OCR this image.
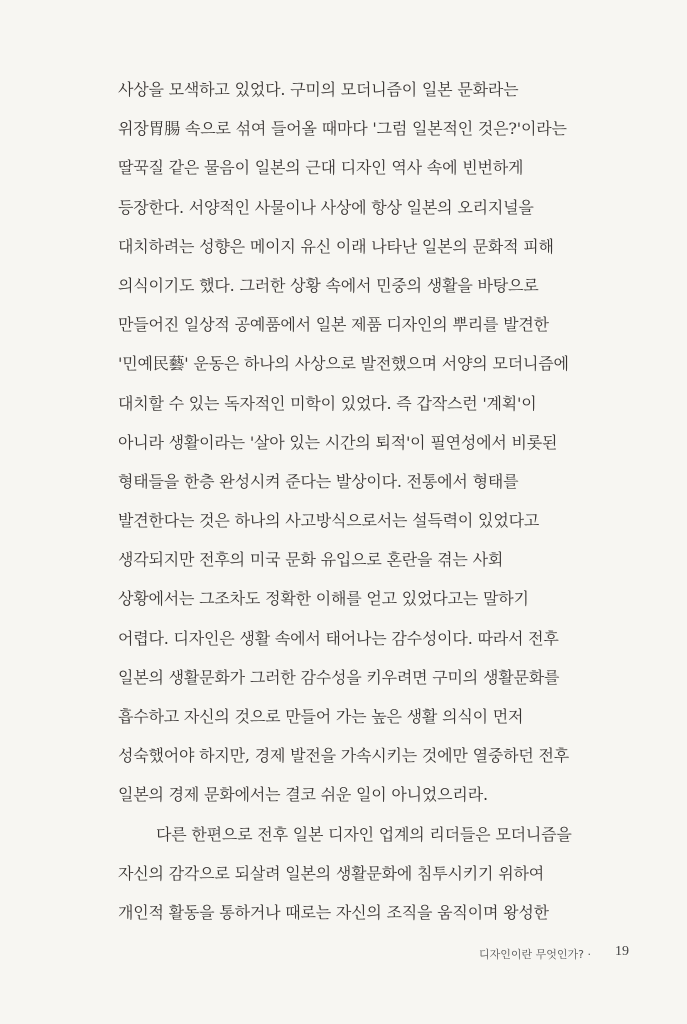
사상을 모색하고 있었다. 구미의 모더니즘이 일본 문화라는
위장胃腸 속으로 섞여 들어올 때마다 '그럼 일본적인 것은?'이라는
딸꾹질 같은 물음이 일본의 근대 디자인 역사 속에 빈번하게
등장한다. 서양적인 사물이나 사상에 항상 일본의 오리지널을
대치하려는 성향은 메이지 유신 이래 나타난 일본의 문화적 피해
의식이기도 했다. 그러한 상황 속에서 민중의 생활을 바탕으로
만들어진 일상적 공예품에서 일본 제품 디자인의 뿌리를 발견한
'민예民藝' 운동은 하나의 사상으로 발전했으며 서양의 모더니즘에
대치할 수 있는 독자적인 미학이 있었다. 즉 갑작스런 '계획'이
아니라 생활이라는 '살아 있는 시간의 퇴적'이 필연성에서 비롯된
형태들을 한층 완성시켜 준다는 발상이다. 전통에서 형태를
발견한다는 것은 하나의 사고방식으로서는 설득력이 있었다고
생각되지만 전후의 미국 문화 유입으로 혼란을 겪는 사회
상황에서는 그조차도 정확한 이해를 얻고 있었다고는 말하기
어렵다. 디자인은 생활 속에서 태어나는 감수성이다. 따라서 전후
일본의 생활문화가 그러한 감수성을 키우려면 구미의 생활문화를
흡수하고 자신의 것으로 만들어 가는 높은 생활 의식이 먼저
성숙했어야 하지만, 경제 발전을 가속시키는 것에만 열중하던 전후
일본의 경제 문화에서는 결코 쉬운 일이 아니었으리라.
다른 한편으로 전후 일본 디자인 업계의 리더들은 모더니즘을
자신의 감각으로 되살려 일본의 생활문화에 침투시키기 위하여
개인적 활동을 통하거나 때로는 자신의 조직을 움직이며 왕성한
디자인이란 무엇인가? · 19
